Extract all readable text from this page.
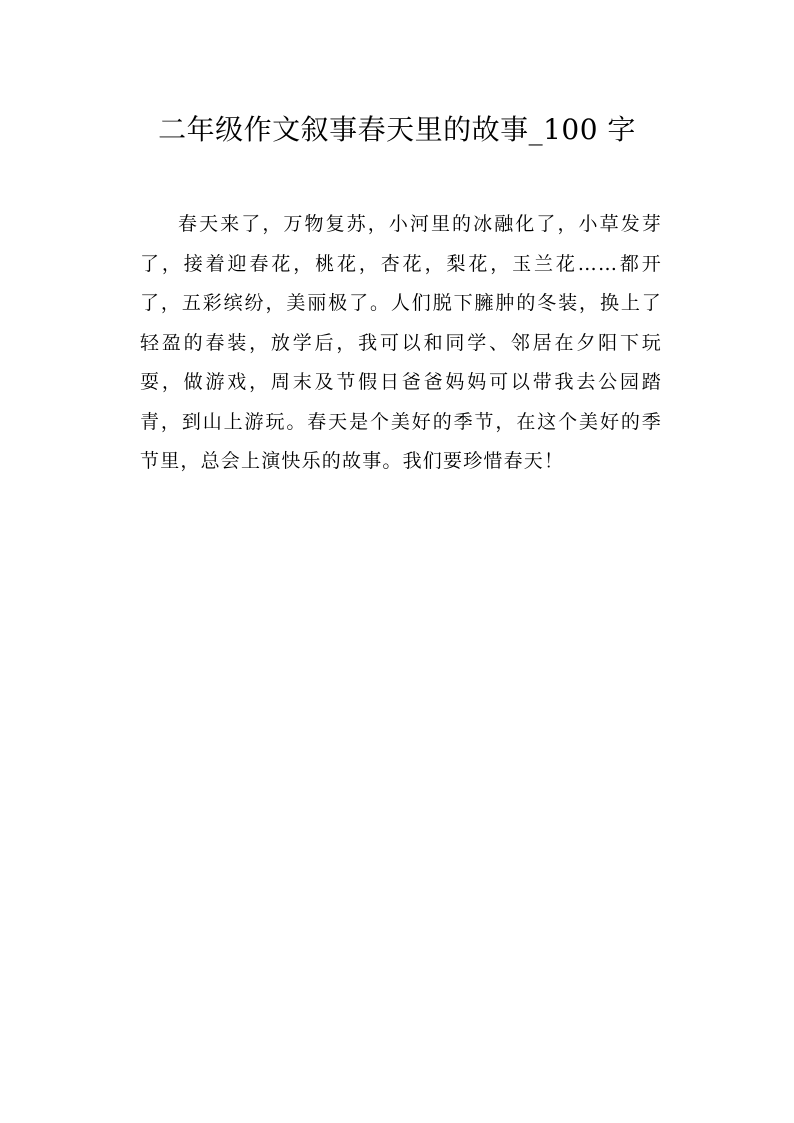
二年级作文叙事春天里的故事_100 字

春天来了，万物复苏，小河里的冰融化了，小草发芽了，接着迎春花，桃花，杏花，梨花，玉兰花……都开了，五彩缤纷，美丽极了。人们脱下臃肿的冬装，换上了轻盈的春装，放学后，我可以和同学、邻居在夕阳下玩耍，做游戏，周末及节假日爸爸妈妈可以带我去公园踏青，到山上游玩。春天是个美好的季节，在这个美好的季节里，总会上演快乐的故事。我们要珍惜春天！
